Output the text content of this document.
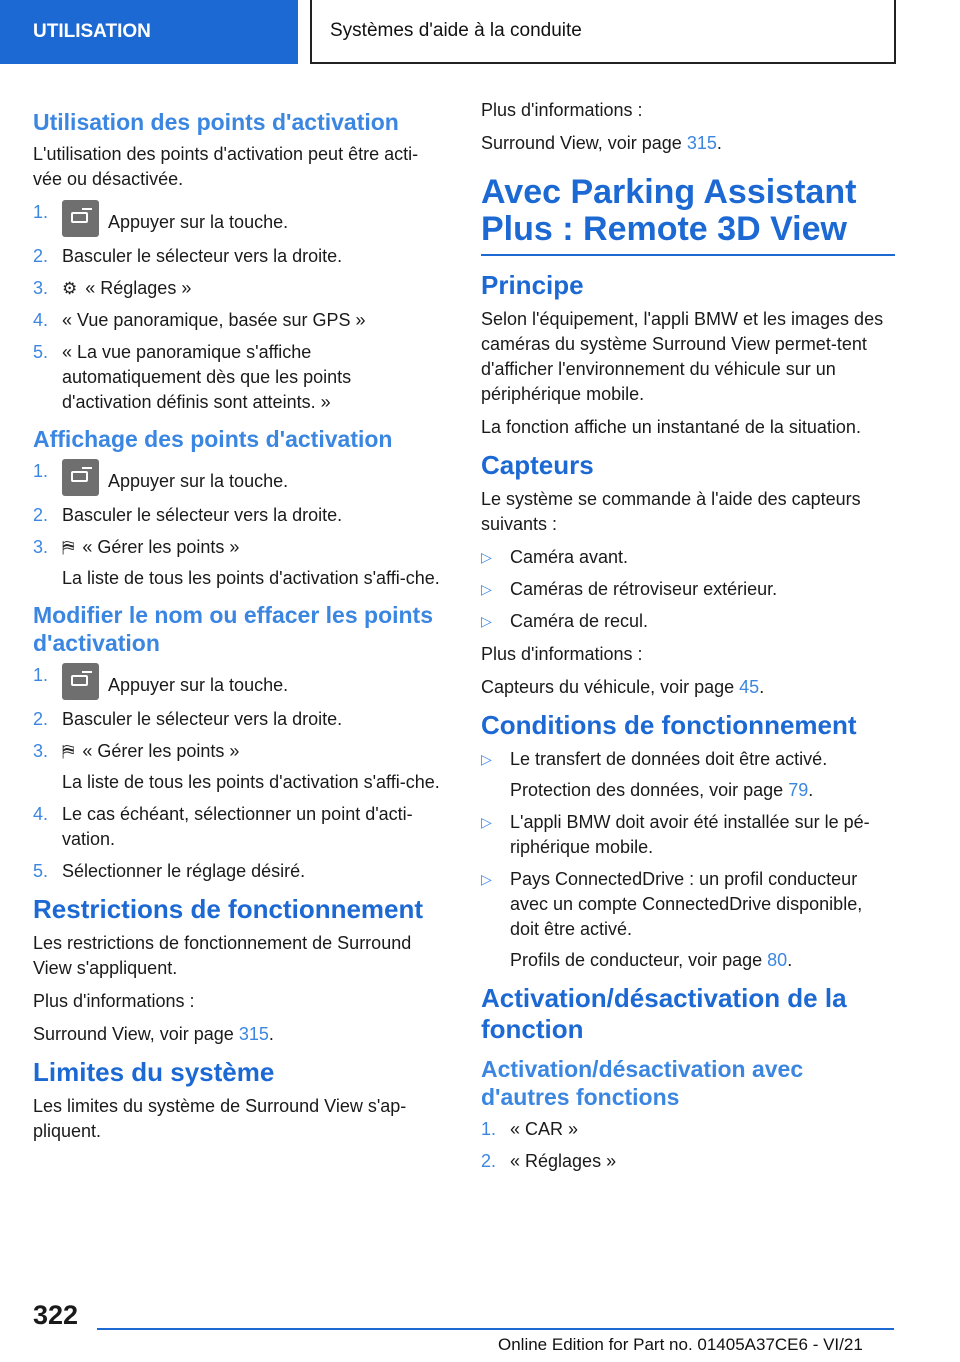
UTILISATION	Systèmes d'aide à la conduite
Utilisation des points d'activation

L'utilisation des points d'activation peut être acti‐vée ou désactivée.

1.	Appuyer sur la touche.
2. Basculer le sélecteur vers la droite.
3. ⚙ « Réglages »
4. « Vue panoramique, basée sur GPS »
5. « La vue panoramique s'affiche automatiquement dès que les points d'activation définis sont atteints. »
Affichage des points d'activation
1.	Appuyer sur la touche.
2. Basculer le sélecteur vers la droite.
3. ⛿ « Gérer les points »
La liste de tous les points d'activation s'affi‐che.
Modifier le nom ou effacer les points d'activation
1.	Appuyer sur la touche.
2. Basculer le sélecteur vers la droite.
3. ⛿ « Gérer les points »
La liste de tous les points d'activation s'affi‐che.
4. Le cas échéant, sélectionner un point d'acti‐vation.
5. Sélectionner le réglage désiré.
Restrictions de fonctionnement

Les restrictions de fonctionnement de Surround View s'appliquent.

Plus d'informations :

Surround View, voir page 315.

Limites du système

Les limites du système de Surround View s'ap‐pliquent.

Plus d'informations :

Surround View, voir page 315.

Avec Parking Assistant Plus : Remote 3D View
Principe

Selon l'équipement, l'appli BMW et les images des caméras du système Surround View permet‐tent d'afficher l'environnement du véhicule sur un périphérique mobile.

La fonction affiche un instantané de la situation.

Capteurs

Le système se commande à l'aide des capteurs suivants :

▷ Caméra avant.
▷ Caméras de rétroviseur extérieur.
▷ Caméra de recul.

Plus d'informations :

Capteurs du véhicule, voir page 45.

Conditions de fonctionnement
▷ Le transfert de données doit être activé.
Protection des données, voir page 79.
▷ L'appli BMW doit avoir été installée sur le pé‐riphérique mobile.
▷ Pays ConnectedDrive : un profil conducteur avec un compte ConnectedDrive disponible, doit être activé.
Profils de conducteur, voir page 80.
Activation/désactivation de la fonction
Activation/désactivation avec d'autres fonctions
1. « CAR »
2. « Réglages »
322
Online Edition for Part no. 01405A37CE6 - VI/21
